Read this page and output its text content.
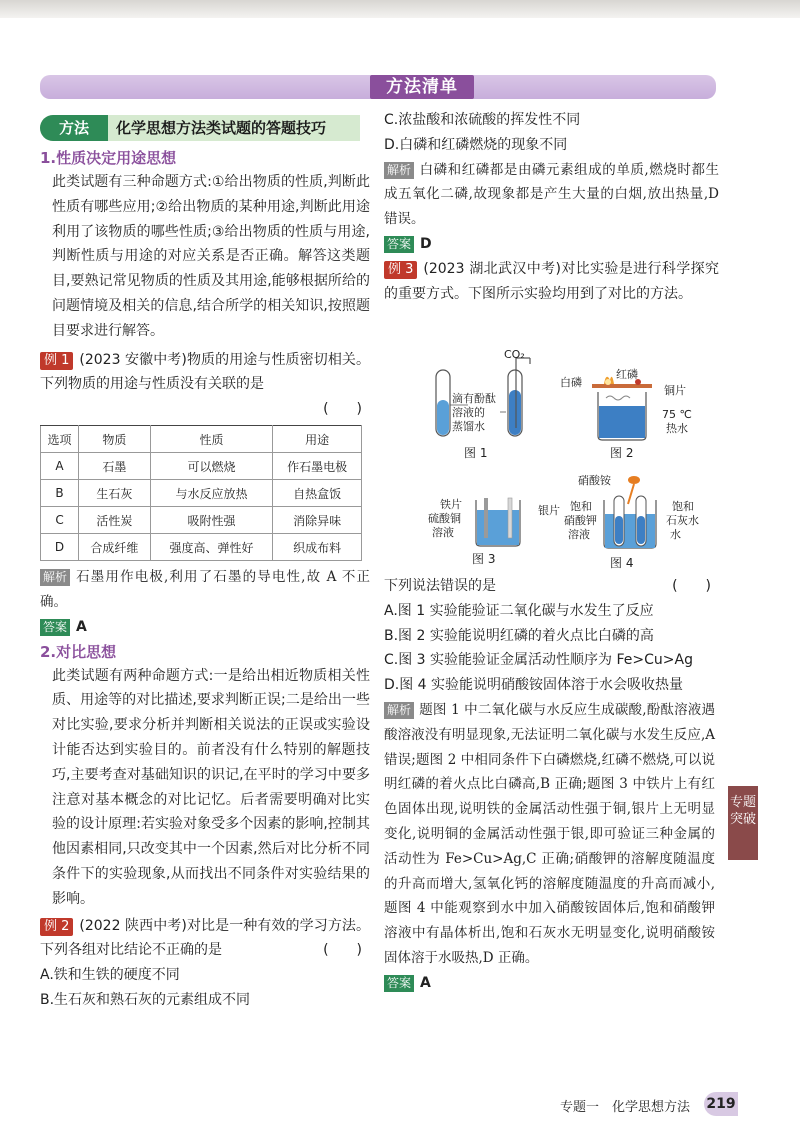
方法清单
方法	化学思想方法类试题的答题技巧
1.性质决定用途思想
此类试题有三种命题方式:①给出物质的性质,判断此性质有哪些应用;②给出物质的某种用途,判断此用途利用了该物质的哪些性质;③给出物质的性质与用途,判断性质与用途的对应关系是否正确。解答这类题目,要熟记常见物质的性质及其用途,能够根据所给的问题情境及相关的信息,结合所学的相关知识,按照题目要求进行解答。
例 1 (2023 安徽中考)物质的用途与性质密切相关。下列物质的用途与性质没有关联的是
(　　)
选项	物质	性质	用途
A	石墨	可以燃烧	作石墨电极
B	生石灰	与水反应放热	自热盒饭
C	活性炭	吸附性强	消除异味
D	合成纤维	强度高、弹性好	织成布料
解析 石墨用作电极,利用了石墨的导电性,故 A 不正确。
答案 A
2.对比思想
此类试题有两种命题方式:一是给出相近物质相关性质、用途等的对比描述,要求判断正误;二是给出一些对比实验,要求分析并判断相关说法的正误或实验设计能否达到实验目的。前者没有什么特别的解题技巧,主要考查对基础知识的识记,在平时的学习中要多注意对基本概念的对比记忆。后者需要明确对比实验的设计原理:若实验对象受多个因素的影响,控制其他因素相同,只改变其中一个因素,然后对比分析不同条件下的实验现象,从而找出不同条件对实验结果的影响。
例 2 (2022 陕西中考)对比是一种有效的学习方法。下列各组对比结论不正确的是	(　　)
A.铁和生铁的硬度不同
B.生石灰和熟石灰的元素组成不同
C.浓盐酸和浓硫酸的挥发性不同
D.白磷和红磷燃烧的现象不同
解析 白磷和红磷都是由磷元素组成的单质,燃烧时都生成五氧化二磷,故现象都是产生大量的白烟,放出热量,D 错误。
答案 D
例 3 (2023 湖北武汉中考)对比实验是进行科学探究的重要方式。下图所示实验均用到了对比的方法。
CO₂
滴有酚酞
溶液的
蒸馏水
图 1
白磷
红磷
铜片
75 ℃
热水
图 2
铁片
硫酸铜
溶液
银片
图 3
硝酸铵
饱和
硝酸钾
溶液
饱和
石灰水
水
图 4
下列说法错误的是	(　　)
A.图 1 实验能验证二氧化碳与水发生了反应
B.图 2 实验能说明红磷的着火点比白磷的高
C.图 3 实验能验证金属活动性顺序为 Fe>Cu>Ag
D.图 4 实验能说明硝酸铵固体溶于水会吸收热量
解析 题图 1 中二氧化碳与水反应生成碳酸,酚酞溶液遇酸溶液没有明显现象,无法证明二氧化碳与水发生反应,A 错误;题图 2 中相同条件下白磷燃烧,红磷不燃烧,可以说明红磷的着火点比白磷高,B 正确;题图 3 中铁片上有红色固体出现,说明铁的金属活动性强于铜,银片上无明显变化,说明铜的金属活动性强于银,即可验证三种金属的活动性为 Fe>Cu>Ag,C 正确;硝酸钾的溶解度随温度的升高而增大,氢氧化钙的溶解度随温度的升高而减小,题图 4 中能观察到水中加入硝酸铵固体后,饱和硝酸钾溶液中有晶体析出,饱和石灰水无明显变化,说明硝酸铵固体溶于水吸热,D 正确。
答案 A
专题突破
专题一　化学思想方法 219
